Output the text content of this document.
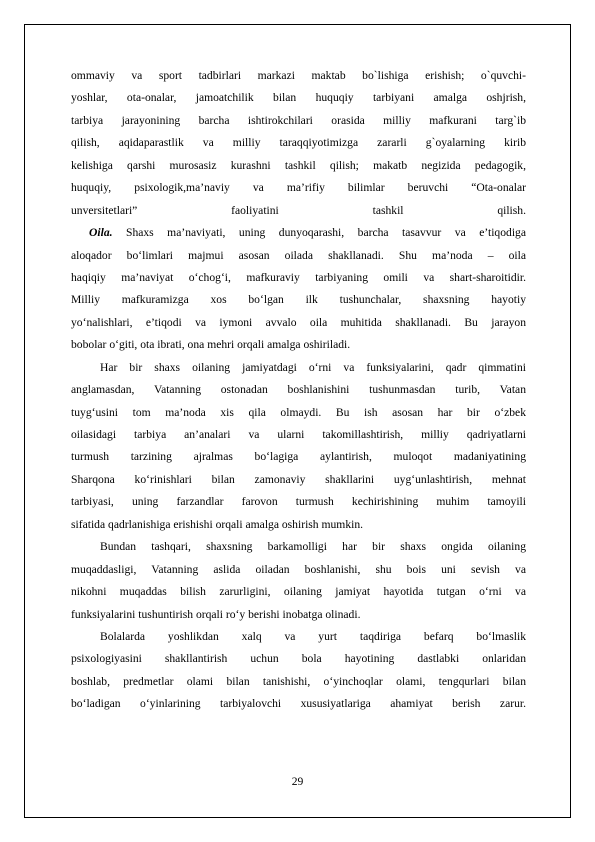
ommaviy va sport tadbirlari markazi maktab bo`lishiga erishish; o`quvchi-
yoshlar, ota-onalar, jamoatchilik bilan huquqiy tarbiyani amalga oshjrish,
tarbiya jarayonining barcha ishtirokchilari orasida milliy mafkurani targ`ib
qilish, aqidaparastlik va milliy taraqqiyotimizga zararli g`oyalarning kirib
kelishiga qarshi murosasiz kurashni tashkil qilish; makatb negizida pedagogik,
huquqiy, psixologik,ma’naviy va ma’rifiy bilimlar beruvchi “Ota-onalar
unversitetlari” faoliyatini tashkil qilish.
Oila. Shaxs ma’naviyati, uning dunyoqarashi, barcha tasavvur va e’tiqodiga
aloqador bo‘limlari majmui asosan oilada shakllanadi. Shu ma’noda – oila
haqiqiy ma’naviyat o‘chog‘i, mafkuraviy tarbiyaning omili va shart-sharoitidir.
Milliy mafkuramizga xos bo‘lgan ilk tushunchalar, shaxsning hayotiy
yo‘nalishlari, e’tiqodi va iymoni avvalo oila muhitida shakllanadi. Bu jarayon
bobolar o‘giti, ota ibrati, ona mehri orqali amalga oshiriladi.
Har bir shaxs oilaning jamiyatdagi o‘rni va funksiyalarini, qadr qimmatini
anglamasdan, Vatanning ostonadan boshlanishini tushunmasdan turib, Vatan
tuyg‘usini tom ma’noda xis qila olmaydi. Bu ish asosan har bir o‘zbek
oilasidagi tarbiya an’analari va ularni takomillashtirish, milliy qadriyatlarni
turmush tarzining ajralmas bo‘lagiga aylantirish, muloqot madaniyatining
Sharqona ko‘rinishlari bilan zamonaviy shakllarini uyg‘unlashtirish, mehnat
tarbiyasi, uning farzandlar farovon turmush kechirishining muhim tamoyili
sifatida qadrlanishiga erishishi orqali amalga oshirish mumkin.
Bundan tashqari, shaxsning barkamolligi har bir shaxs ongida oilaning
muqaddasligi, Vatanning aslida oiladan boshlanishi, shu bois uni sevish va
nikohni muqaddas bilish zarurligini, oilaning jamiyat hayotida tutgan o‘rni va
funksiyalarini tushuntirish orqali ro‘y berishi inobatga olinadi.
Bolalarda yoshlikdan xalq va yurt taqdiriga befarq bo‘lmaslik
psixologiyasini shakllantirish uchun bola hayotining dastlabki onlaridan
boshlab, predmetlar olami bilan tanishishi, o‘yinchoqlar olami, tengqurlari bilan
bo‘ladigan o‘yinlarining tarbiyalovchi xususiyatlariga ahamiyat berish zarur.
29
